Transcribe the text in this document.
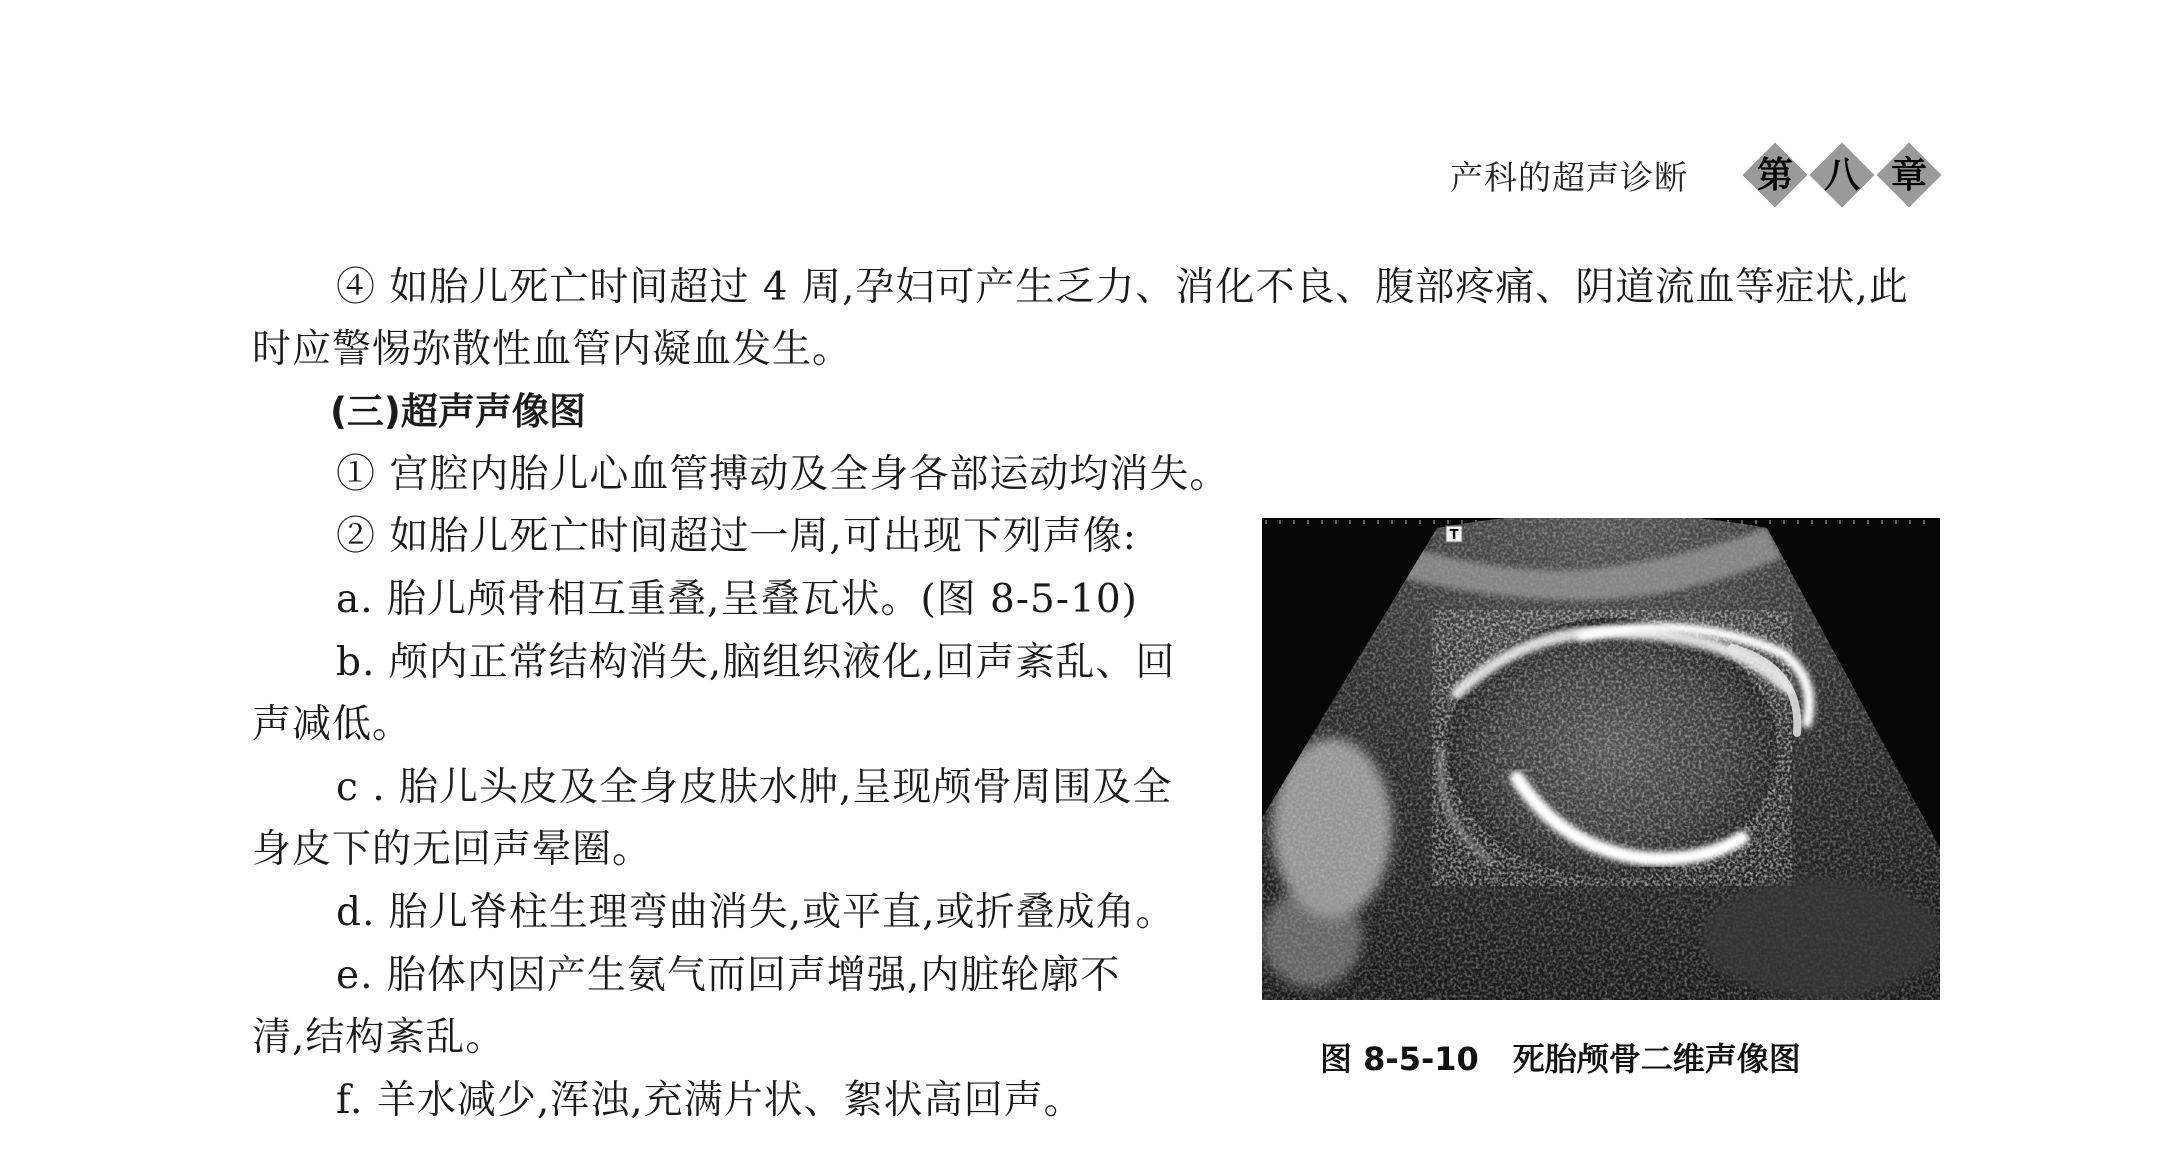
产科的超声诊断	第 八 章
④ 如胎儿死亡时间超过 4 周,孕妇可产生乏力、消化不良、腹部疼痛、阴道流血等症状,此
时应警惕弥散性血管内凝血发生。
(三)超声声像图
① 宫腔内胎儿心血管搏动及全身各部运动均消失。
② 如胎儿死亡时间超过一周,可出现下列声像:
a. 胎儿颅骨相互重叠,呈叠瓦状。(图 8-5-10)
b. 颅内正常结构消失,脑组织液化,回声紊乱、回
声减低。
c . 胎儿头皮及全身皮肤水肿,呈现颅骨周围及全
身皮下的无回声晕圈。
d. 胎儿脊柱生理弯曲消失,或平直,或折叠成角。
e. 胎体内因产生氨气而回声增强,内脏轮廓不
清,结构紊乱。
f. 羊水减少,浑浊,充满片状、絮状高回声。
T
图 8-5-10 死胎颅骨二维声像图
